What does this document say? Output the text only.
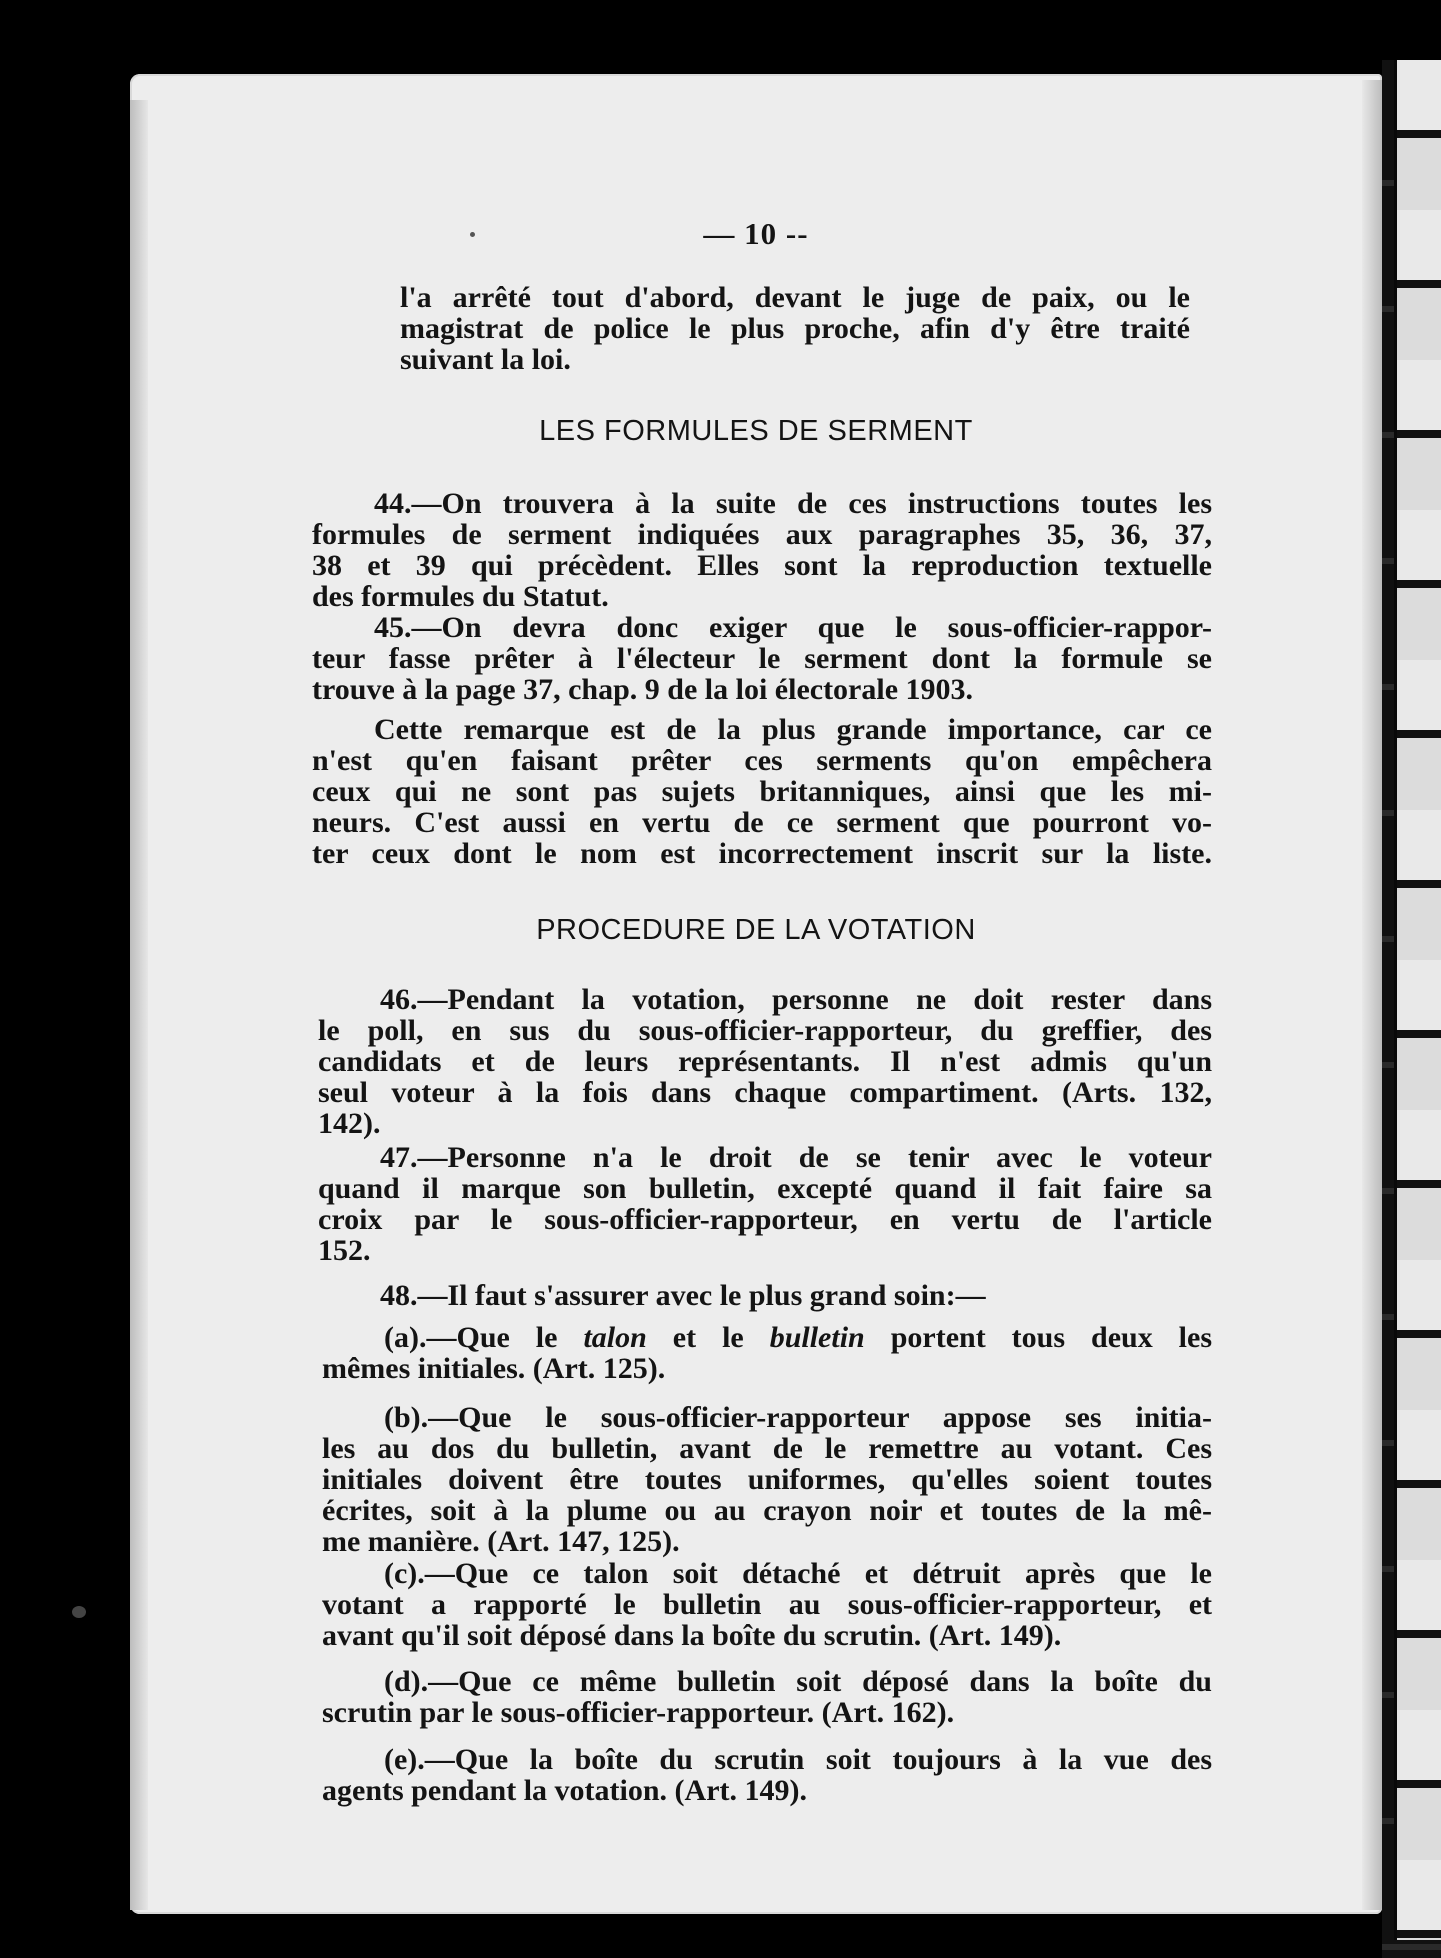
— 10 --
l'a arrêté tout d'abord, devant le juge de paix, ou le
magistrat de police le plus proche, afin d'y être traité
suivant la loi.
LES FORMULES DE SERMENT
44.—On trouvera à la suite de ces instructions toutes les
formules de serment indiquées aux paragraphes 35, 36, 37,
38 et 39 qui précèdent. Elles sont la reproduction textuelle
des formules du Statut.
45.—On devra donc exiger que le sous-officier-rappor-
teur fasse prêter à l'électeur le serment dont la formule se
trouve à la page 37, chap. 9 de la loi électorale 1903.
Cette remarque est de la plus grande importance, car ce
n'est qu'en faisant prêter ces serments qu'on empêchera
ceux qui ne sont pas sujets britanniques, ainsi que les mi-
neurs. C'est aussi en vertu de ce serment que pourront vo-
ter ceux dont le nom est incorrectement inscrit sur la liste.
PROCEDURE DE LA VOTATION
46.—Pendant la votation, personne ne doit rester dans
le poll, en sus du sous-officier-rapporteur, du greffier, des
candidats et de leurs représentants. Il n'est admis qu'un
seul voteur à la fois dans chaque compartiment. (Arts. 132,
142).
47.—Personne n'a le droit de se tenir avec le voteur
quand il marque son bulletin, excepté quand il fait faire sa
croix par le sous-officier-rapporteur, en vertu de l'article
152.
48.—Il faut s'assurer avec le plus grand soin:—
(a).—Que le talon et le bulletin portent tous deux les
mêmes initiales. (Art. 125).
(b).—Que le sous-officier-rapporteur appose ses initia-
les au dos du bulletin, avant de le remettre au votant. Ces
initiales doivent être toutes uniformes, qu'elles soient toutes
écrites, soit à la plume ou au crayon noir et toutes de la mê-
me manière. (Art. 147, 125).
(c).—Que ce talon soit détaché et détruit après que le
votant a rapporté le bulletin au sous-officier-rapporteur, et
avant qu'il soit déposé dans la boîte du scrutin. (Art. 149).
(d).—Que ce même bulletin soit déposé dans la boîte du
scrutin par le sous-officier-rapporteur. (Art. 162).
(e).—Que la boîte du scrutin soit toujours à la vue des
agents pendant la votation. (Art. 149).
